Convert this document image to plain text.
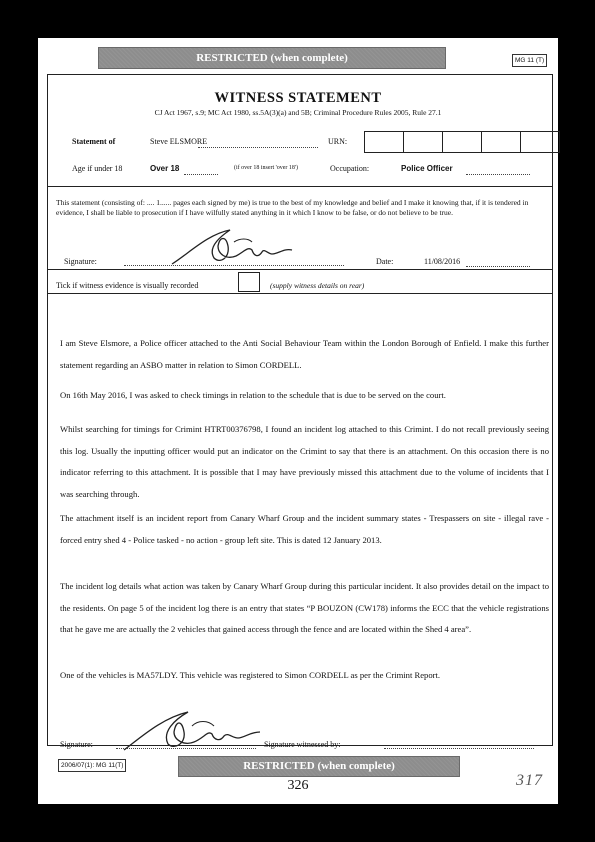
RESTRICTED (when complete)	MG 11 (T)
WITNESS STATEMENT
CJ Act 1967, s.9; MC Act 1980, ss.5A(3)(a) and 5B; Criminal Procedure Rules 2005, Rule 27.1
Statement of	Steve ELSMORE	URN:
Age if under 18	Over 18	(if over 18 insert 'over 18')	Occupation:	Police Officer
This statement (consisting of: .... 1...... pages each signed by me) is true to the best of my knowledge and belief and I make it knowing that, if it is tendered in evidence, I shall be liable to prosecution if I have wilfully stated anything in it which I know to be false, or do not believe to be true.
Signature:	Date:	11/08/2016
Tick if witness evidence is visually recorded	(supply witness details on rear)
I am Steve Elsmore, a Police officer attached to the Anti Social Behaviour Team within the London Borough of Enfield. I make this further statement regarding an ASBO matter in relation to Simon CORDELL.
On 16th May 2016, I was asked to check timings in relation to the schedule that is due to be served on the court.
Whilst searching for timings for Crimint HTRT00376798, I found an incident log attached to this Crimint. I do not recall previously seeing this log. Usually the inputting officer would put an indicator on the Crimint to say that there is an attachment. On this occasion there is no indicator referring to this attachment. It is possible that I may have previously missed this attachment due to the volume of incidents that I was searching through.
The attachment itself is an incident report from Canary Wharf Group and the incident summary states - Trespassers on site - illegal rave - forced entry shed 4 - Police tasked - no action - group left site. This is dated 12 January 2013.
The incident log details what action was taken by Canary Wharf Group during this particular incident. It also provides detail on the impact to the residents. On page 5 of the incident log there is an entry that states “P BOUZON (CW178) informs the ECC that the vehicle registrations that he gave me are actually the 2 vehicles that gained access through the fence and are located within the Shed 4 area”.
One of the vehicles is MA57LDY. This vehicle was registered to Simon CORDELL as per the Crimint Report.
Signature:	Signature witnessed by:
2006/07(1): MG 11(T)	RESTRICTED (when complete)
326	317
